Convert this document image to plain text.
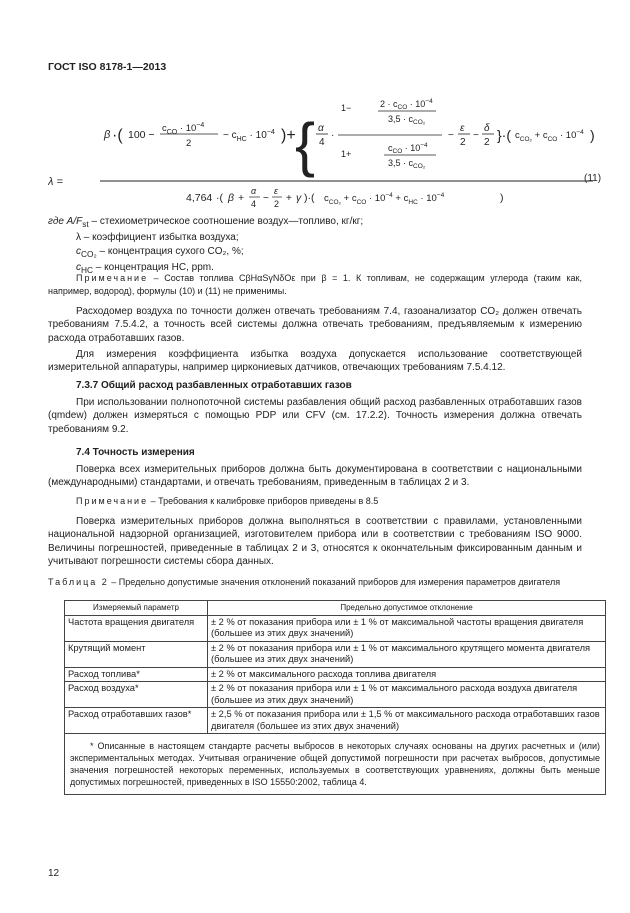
ГОСТ ISO 8178-1—2013
β ·( 100 −
$c_{CO} \cdot 10^{-4}$
2
− $c_{HC} \cdot 10^{-4}$ )+ { α
4
·
1−	$2 \cdot c_{CO} \cdot 10^{-4}$
$3,5 \cdot c_{CO_2}$
1+
$c_{CO} \cdot 10^{-4}$
$3,5 \cdot c_{CO_2}$
−
ε
2
−
δ
2 }·( $c_{CO_2} + c_{CO} \cdot 10^{-4}$ )
λ =
4,764 ·( β +
α
4 −
ε
2 + γ )·( $c_{CO_2} + c_{CO} \cdot 10^{-4} + c_{HC} \cdot 10^{-4}$	)
(11)
где $A/F_{st}$ – стехиометрическое соотношение воздух—топливо, кг/кг;
λ – коэффициент избытка воздуха;
$c_{CO_2}$ – концентрация сухого CO₂, %;
$c_{HC}$ – концентрация HC, ppm.
Примечание – Состав топлива CβHαSγNδOε при β = 1. К топливам, не содержащим углерода (таким как, например, водород), формулы (10) и (11) не применимы.
Расходомер воздуха по точности должен отвечать требованиям 7.4, газоанализатор CO₂ должен отвечать требованиям 7.5.4.2, а точность всей системы должна отвечать требованиям, предъявляемым к измерению расхода отработавших газов.
Для измерения коэффициента избытка воздуха допускается использование соответствующей измерительной аппаратуры, например циркониевых датчиков, отвечающих требованиям 7.5.4.12.
7.3.7 Общий расход разбавленных отработавших газов
При использовании полнопоточной системы разбавления общий расход разбавленных отработавших газов (qmdew) должен измеряться с помощью PDP или CFV (см. 17.2.2). Точность измерения должна отвечать требованиям 9.2.
7.4 Точность измерения
Поверка всех измерительных приборов должна быть документирована в соответствии с национальными (международными) стандартами, и отвечать требованиям, приведенным в таблицах 2 и 3.
Примечание – Требования к калибровке приборов приведены в 8.5
Поверка измерительных приборов должна выполняться в соответствии с правилами, установленными национальной надзорной организацией, изготовителем прибора или в соответствии с требованиям ISO 9000. Величины погрешностей, приведенные в таблицах 2 и 3, относятся к окончательным фиксированным данным и учитывают погрешности системы сбора данных.
Таблица 2 – Предельно допустимые значения отклонений показаний приборов для измерения параметров двигателя
Измеряемый параметр	Предельно допустимое отклонение
Частота вращения двигателя	± 2 % от показания прибора или ± 1 % от максимальной частоты вращения двигателя (большее из этих двух значений)
Крутящий момент	± 2 % от показания прибора или ± 1 % от максимального крутящего момента двигателя (большее из этих двух значений)
Расход топлива*	± 2 % от максимального расхода топлива двигателя
Расход воздуха*	± 2 % от показания прибора или ± 1 % от максимального расхода воздуха двигателя (большее из этих двух значений)
Расход отработавших газов*	± 2,5 % от показания прибора или ± 1,5 % от максимального расхода отработавших газов двигателя (большее из этих двух значений)
* Описанные в настоящем стандарте расчеты выбросов в некоторых случаях основаны на других расчетных и (или) экспериментальных методах. Учитывая ограничение общей допустимой погрешности при расчетах выбросов, допустимые значения погрешностей некоторых переменных, используемых в соответствующих уравнениях, должны быть меньше допустимых погрешностей, приведенных в ISO 15550:2002, таблица 4.	
12
